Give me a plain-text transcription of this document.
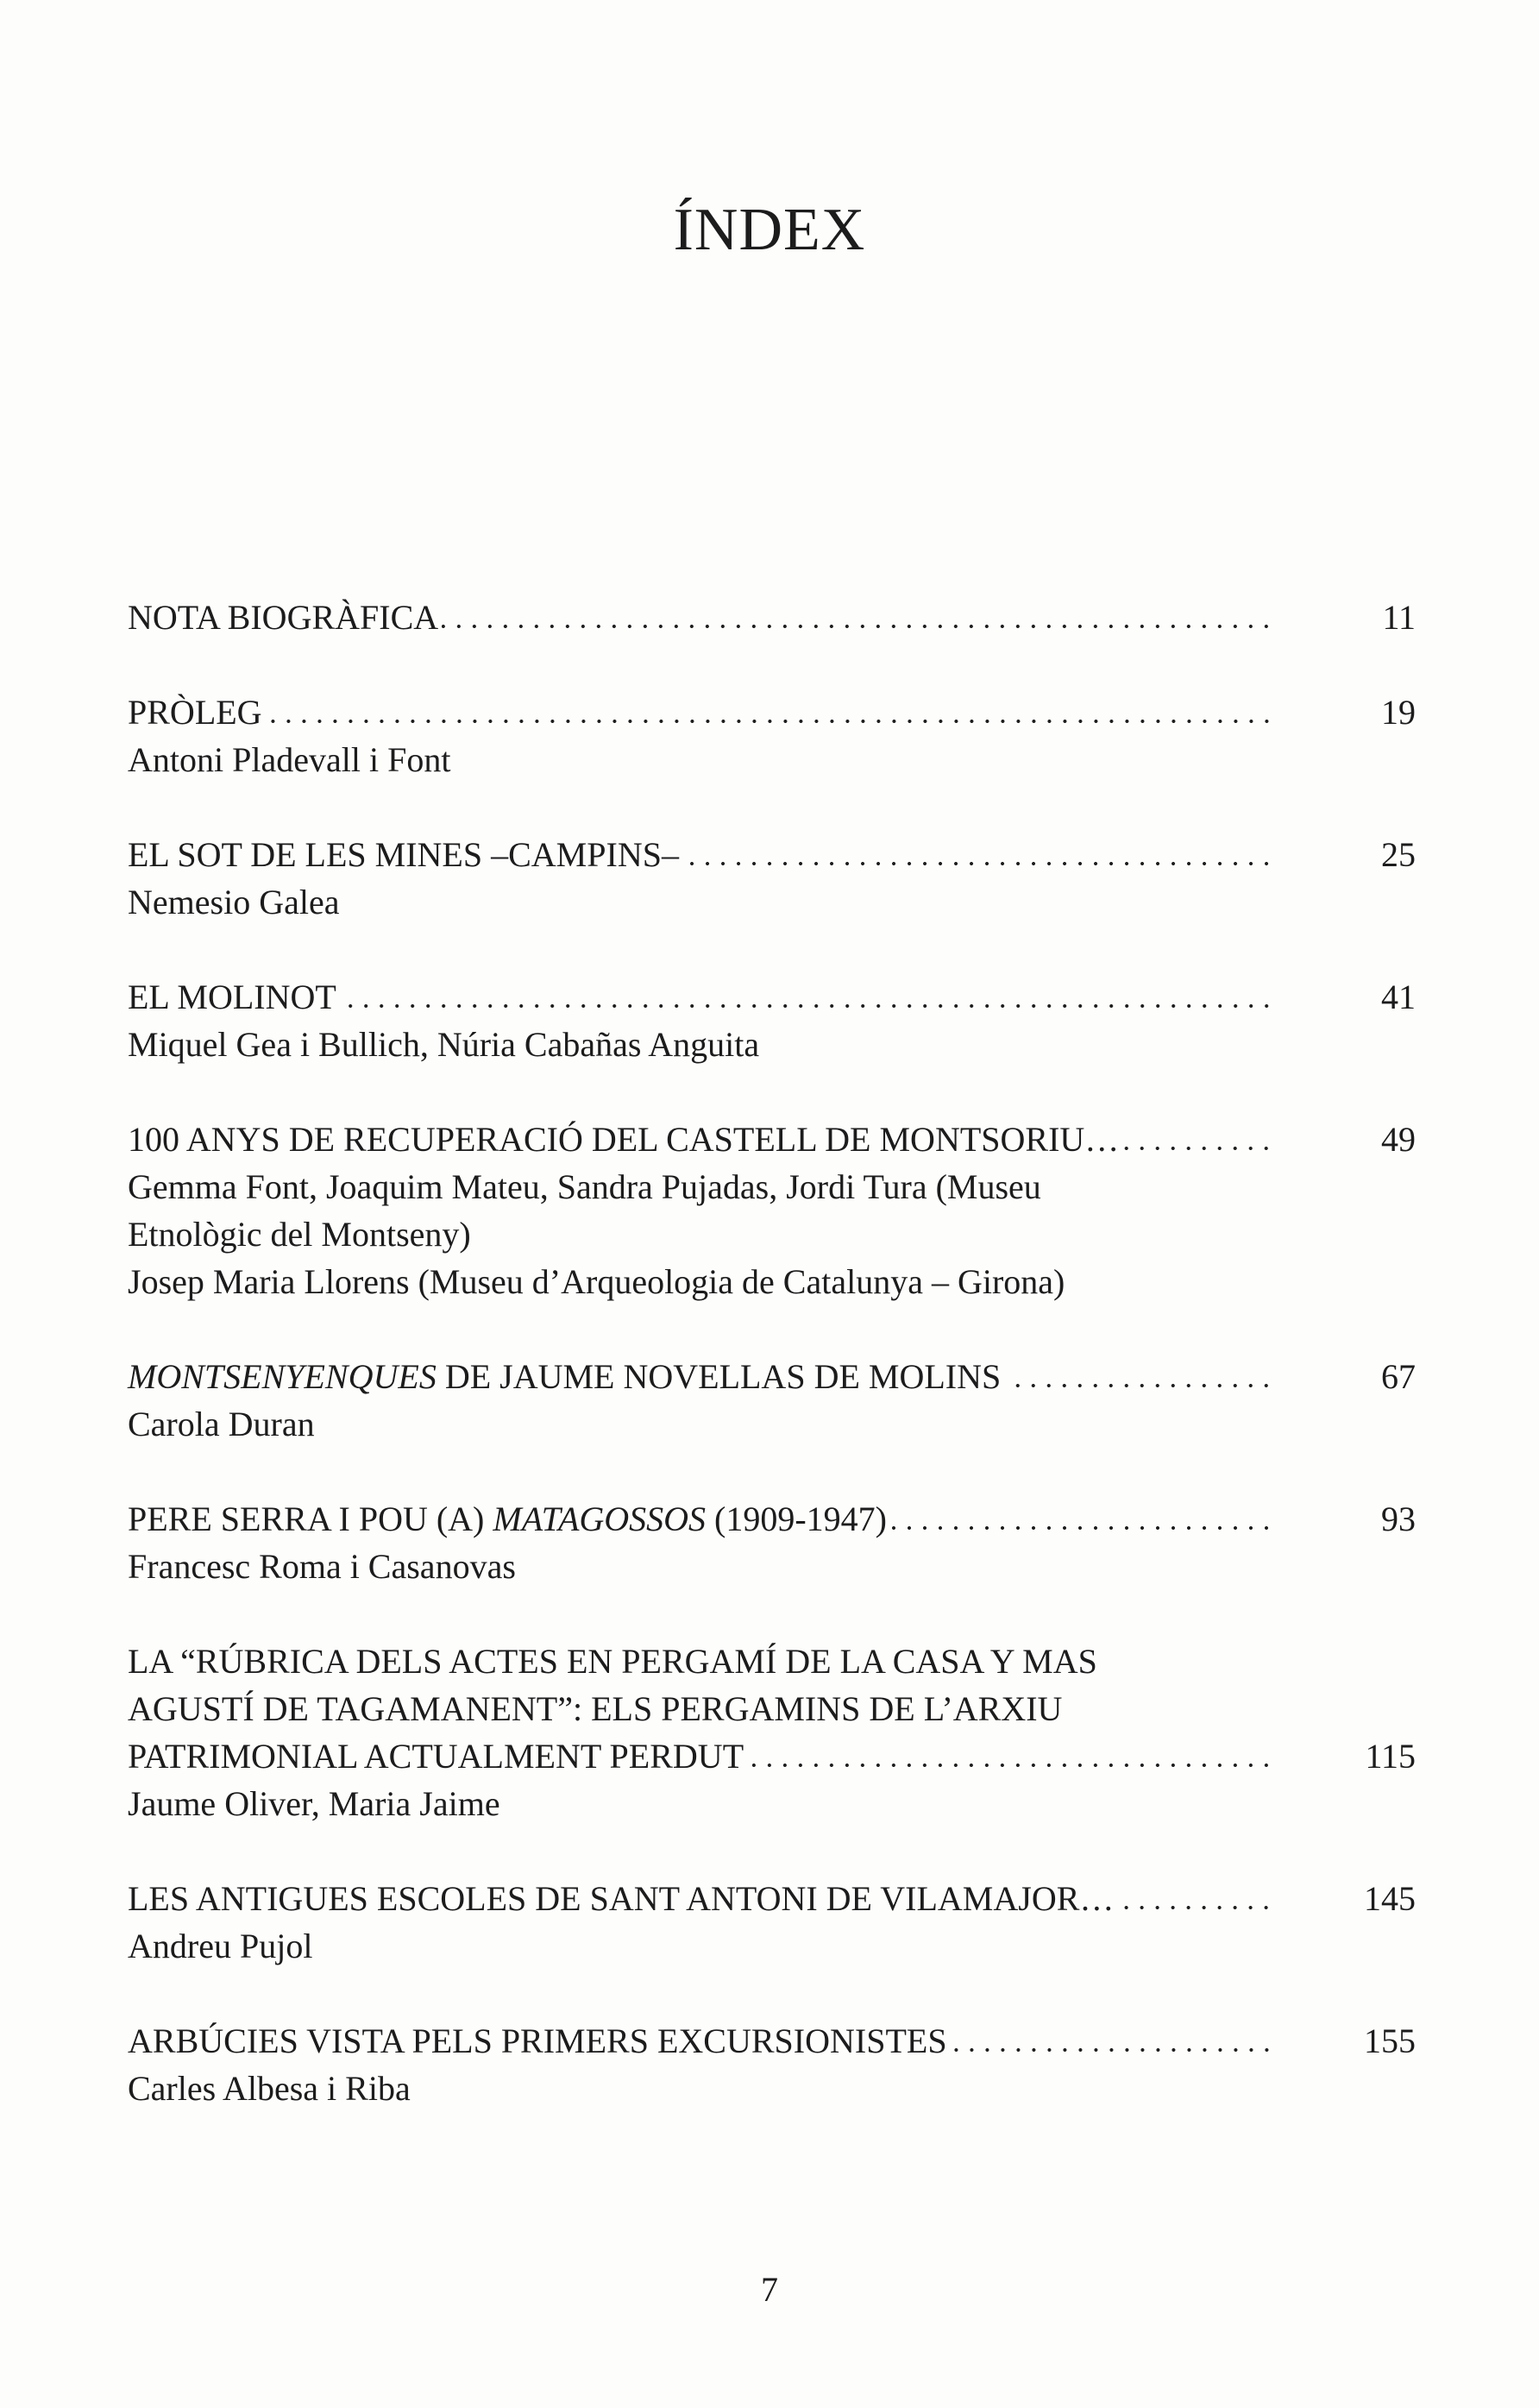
ÍNDEX
NOTA BIOGRÀFICA	11
PRÒLEG	19
Antoni Pladevall i Font
EL SOT DE LES MINES –CAMPINS–	25
Nemesio Galea
EL MOLINOT	41
Miquel Gea i Bullich, Núria Cabañas Anguita
100 ANYS DE RECUPERACIÓ DEL CASTELL DE MONTSORIU…	49
Gemma Font, Joaquim Mateu, Sandra Pujadas, Jordi Tura (Museu
Etnològic del Montseny)
Josep Maria Llorens (Museu d’Arqueologia de Catalunya – Girona)
MONTSENYENQUES DE JAUME NOVELLAS DE MOLINS	67
Carola Duran
PERE SERRA I POU (A) MATAGOSSOS (1909-1947)	93
Francesc Roma i Casanovas
LA “RÚBRICA DELS ACTES EN PERGAMÍ DE LA CASA Y MAS
AGUSTÍ DE TAGAMANENT”: ELS PERGAMINS DE L’ARXIU
PATRIMONIAL ACTUALMENT PERDUT	115
Jaume Oliver, Maria Jaime
LES ANTIGUES ESCOLES DE SANT ANTONI DE VILAMAJOR…	145
Andreu Pujol
ARBÚCIES VISTA PELS PRIMERS EXCURSIONISTES	155
Carles Albesa i Riba
7
